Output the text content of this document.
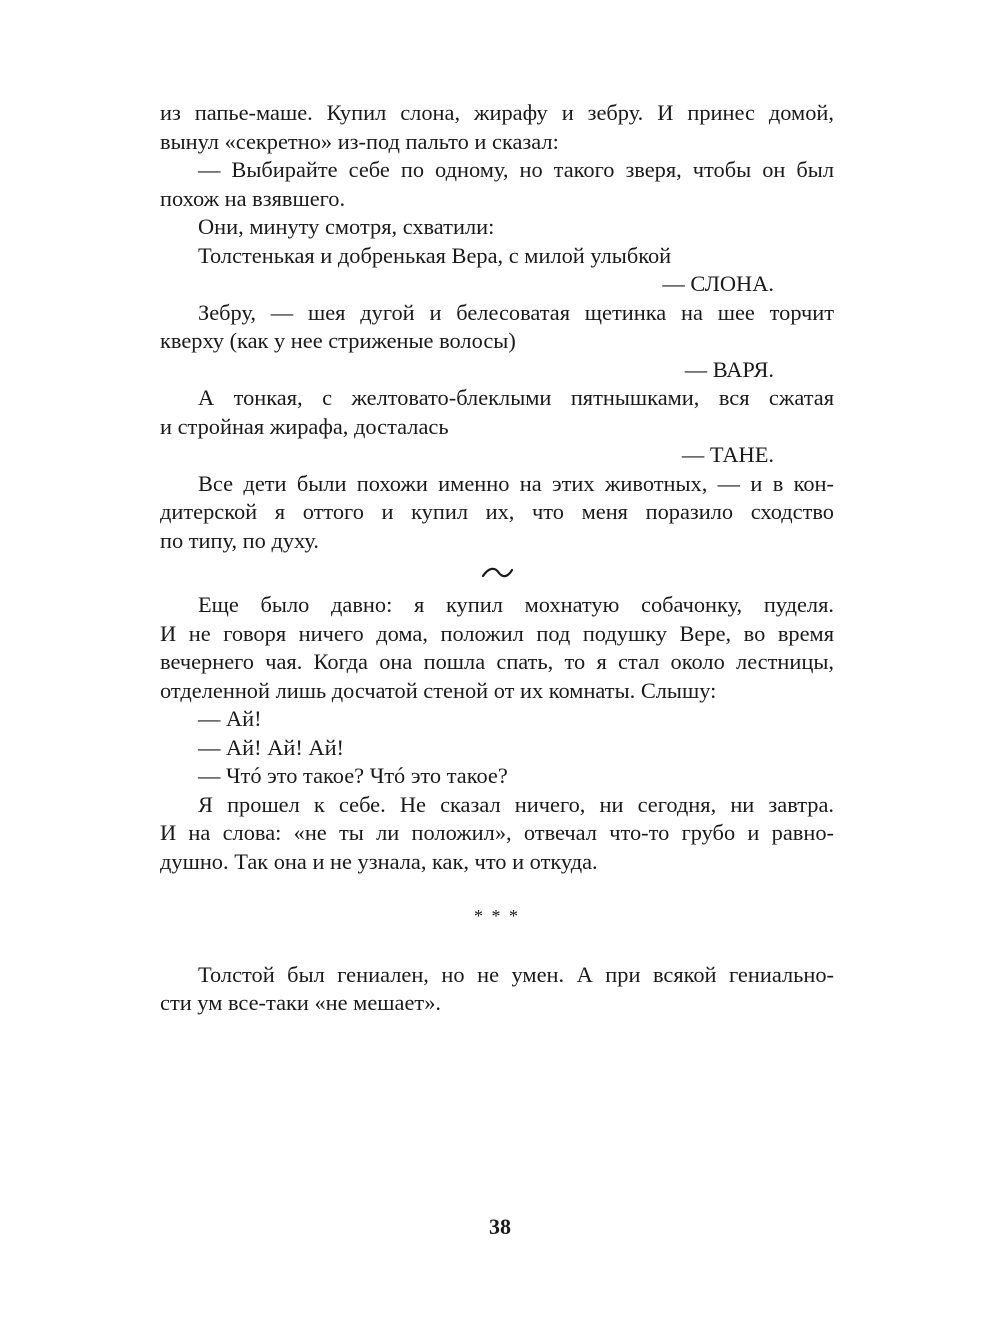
из папье-маше. Купил слона, жирафу и зебру. И принес домой,
вынул «секретно» из-под пальто и сказал:

— Выбирайте себе по одному, но такого зверя, чтобы он был
похож на взявшего.

Они, минуту смотря, схватили:

Толстенькая и добренькая Вера, с милой улыбкой

— СЛОНА.

Зебру, — шея дугой и белесоватая щетинка на шее торчит
кверху (как у нее стриженые волосы)

— ВАРЯ.

А тонкая, с желтовато-блеклыми пятнышками, вся сжатая
и стройная жирафа, досталась

— ТАНЕ.

Все дети были похожи именно на этих животных, — и в кон-
дитерской я оттого и купил их, что меня поразило сходство
по типу, по духу.

Еще было давно: я купил мохнатую собачонку, пуделя.
И не говоря ничего дома, положил под подушку Вере, во время
вечернего чая. Когда она пошла спать, то я стал около лестницы,
отделенной лишь досчатой стеной от их комнаты. Слышу:

— Ай!

— Ай! Ай! Ай!

— Чтó это такое? Чтó это такое?

Я прошел к себе. Не сказал ничего, ни сегодня, ни завтра.
И на слова: «не ты ли положил», отвечал что-то грубо и равно-
душно. Так она и не узнала, как, что и откуда.

* * *

Толстой был гениален, но не умен. А при всякой гениально-
сти ум все-таки «не мешает».

38
